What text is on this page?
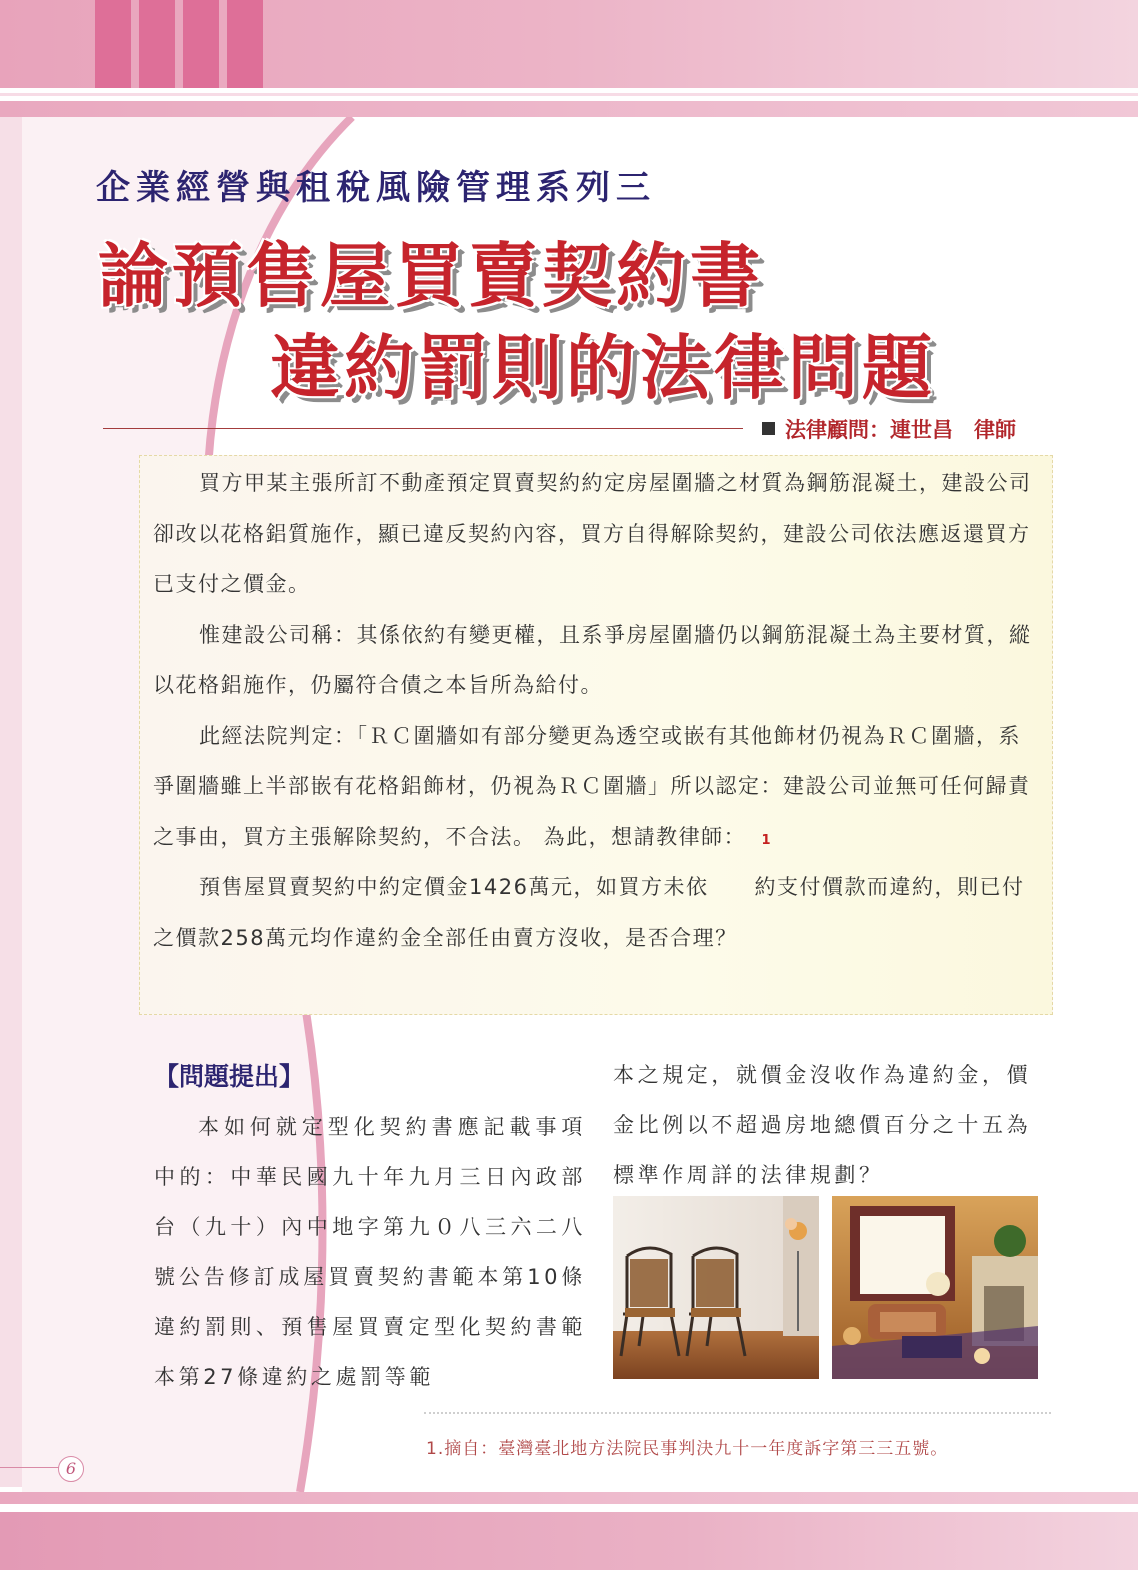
企業經營與租稅風險管理系列三
論預售屋買賣契約書
違約罰則的法律問題
法律顧問：連世昌　律師

買方甲某主張所訂不動產預定買賣契約約定房屋圍牆之材質為鋼筋混凝土，建設公司卻改以花格鋁質施作，顯已違反契約內容，買方自得解除契約，建設公司依法應返還買方已支付之價金。

惟建設公司稱：其係依約有變更權，且系爭房屋圍牆仍以鋼筋混凝土為主要材質，縱以花格鋁施作，仍屬符合債之本旨所為給付。

此經法院判定：「ＲＣ圍牆如有部分變更為透空或嵌有其他飾材仍視為ＲＣ圍牆，系爭圍牆雖上半部嵌有花格鋁飾材，仍視為ＲＣ圍牆」所以認定：建設公司並無可任何歸責之事由，買方主張解除契約，不合法。 為此，想請教律師：

預售屋買賣契約中約定價金1426萬元，如買方未依 約
1
支付價款而違約，則已付之價款258萬元均作違約金全部任由賣方沒收，是否合理？

【問題提出】
本如何就定型化契約書應記載事項中的：中華民國九十年九月三日內政部台（九十）內中地字第九０八三六二八號公告修訂成屋買賣契約書範本第10條違約罰則、預售屋買賣定型化契約書範本第27條違約之處罰等範
本之規定，就價金沒收作為違約金，價金比例以不超過房地總價百分之十五為標準作周詳的法律規劃？
1.摘自：臺灣臺北地方法院民事判決九十一年度訴字第三三五號。
6
